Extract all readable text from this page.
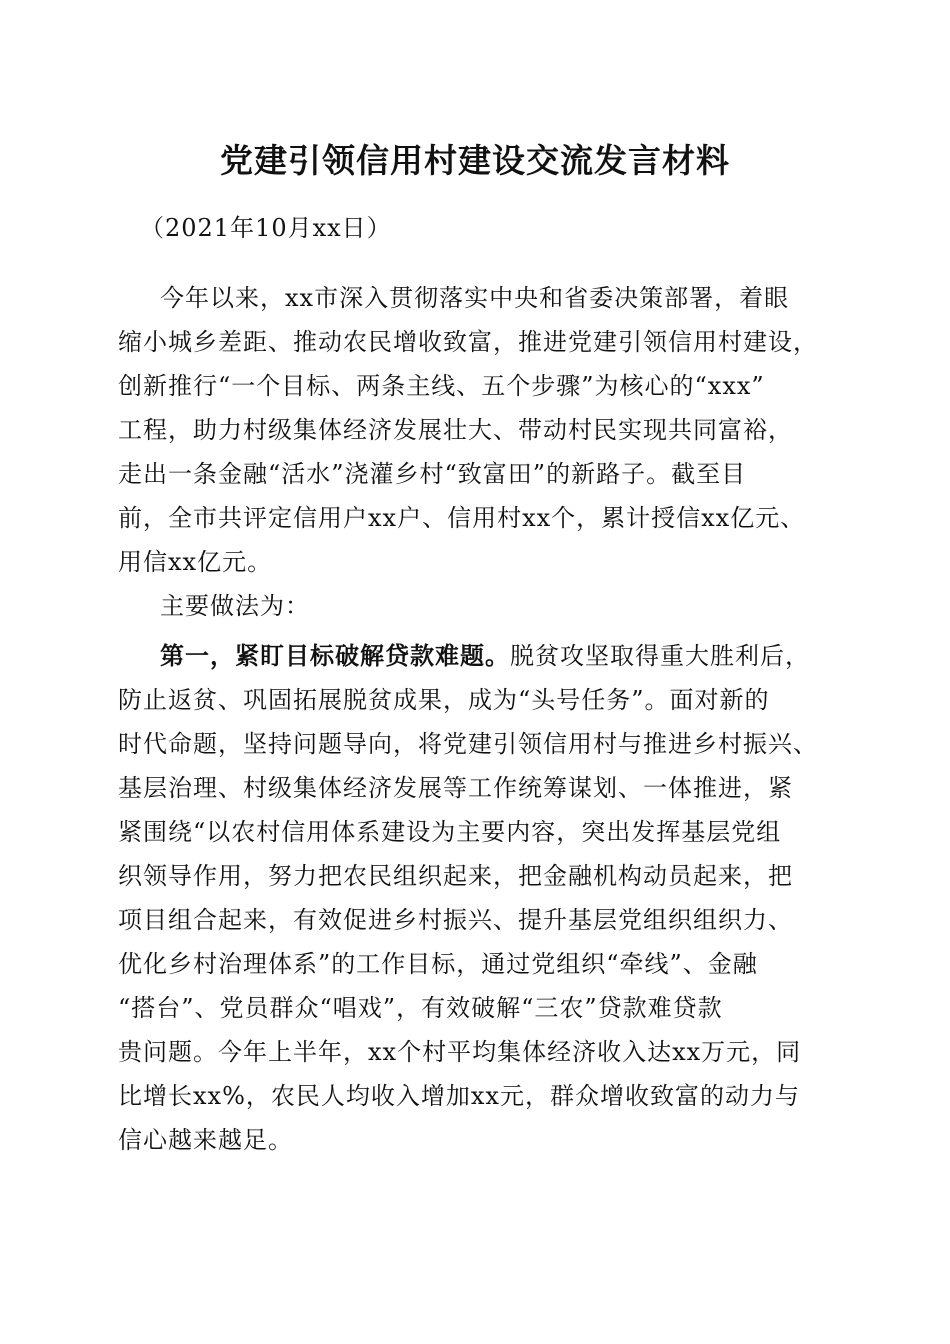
党建引领信用村建设交流发言材料

（2021年10月xx日）

今年以来，xx市深入贯彻落实中央和省委决策部署，着眼
缩小城乡差距、推动农民增收致富，推进党建引领信用村建设，
创新推行“一个目标、两条主线、五个步骤”为核心的“xxx”
工程，助力村级集体经济发展壮大、带动村民实现共同富裕，
走出一条金融“活水”浇灌乡村“致富田”的新路子。截至目
前，全市共评定信用户xx户、信用村xx个，累计授信xx亿元、
用信xx亿元。

主要做法为：

第一，紧盯目标破解贷款难题。脱贫攻坚取得重大胜利后，
防止返贫、巩固拓展脱贫成果，成为“头号任务”。面对新的
时代命题，坚持问题导向，将党建引领信用村与推进乡村振兴、
基层治理、村级集体经济发展等工作统筹谋划、一体推进，紧
紧围绕“以农村信用体系建设为主要内容，突出发挥基层党组
织领导作用，努力把农民组织起来，把金融机构动员起来，把
项目组合起来，有效促进乡村振兴、提升基层党组织组织力、
优化乡村治理体系”的工作目标，通过党组织“牵线”、金融
“搭台”、党员群众“唱戏”，有效破解“三农”贷款难贷款
贵问题。今年上半年，xx个村平均集体经济收入达xx万元，同
比增长xx%，农民人均收入增加xx元，群众增收致富的动力与
信心越来越足。
